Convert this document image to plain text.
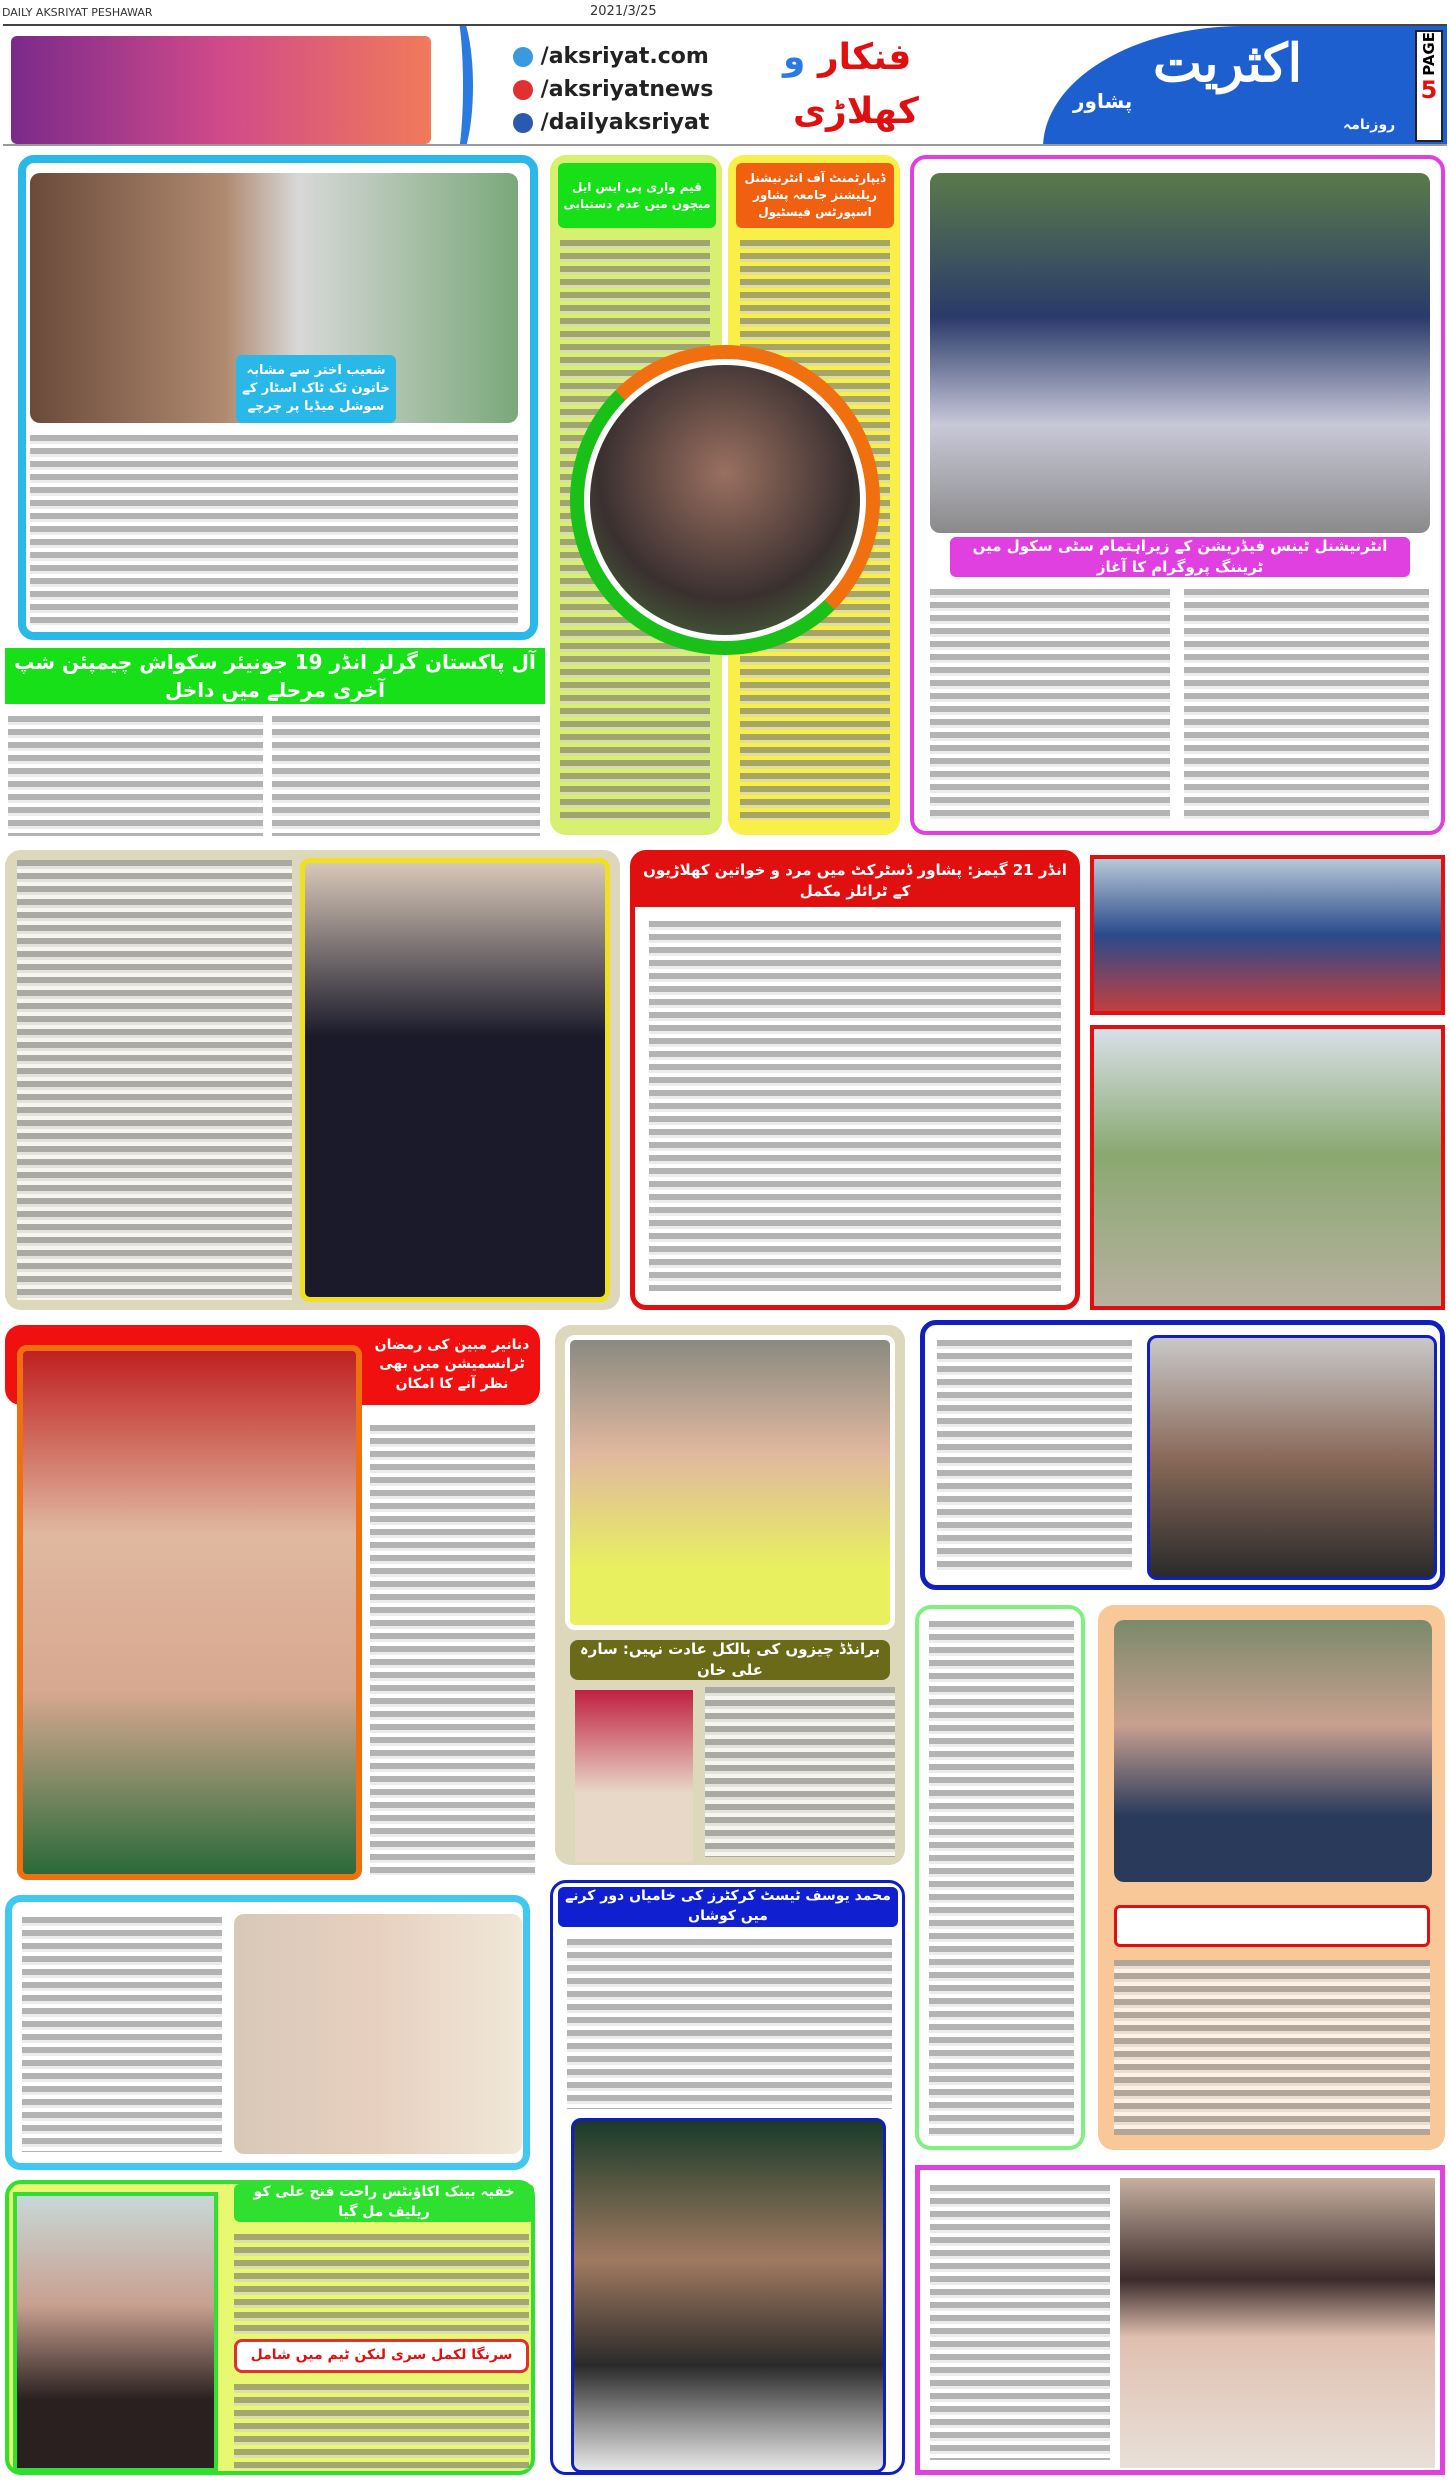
DAILY AKSRIYAT PESHAWAR	2021/3/25
PAGE
5
اکثریت
پشاور
روزنامہ
فنکار و
کھلاڑی
/aksriyat.com
/aksriyatnews
/dailyaksriyat
شعیب اختر سے مشابہ خاتون ٹک ٹاک اسٹار کے سوشل میڈیا پر چرچے
آل پاکستان گرلز انڈر 19 جونیئر سکواش چیمپئن شپ آخری مرحلے میں داخل
قیم واری پی ایس ایل میچوں میں عدم دستیابی
ڈیپارٹمنٹ آف انٹرنیشنل ریلیشنز جامعہ پشاور اسپورٹس فیسٹیول
انٹرنیشنل ٹینس فیڈریشن کے زیراہتمام سٹی سکول میں ٹریننگ پروگرام کا آغاز
انڈر 21 گیمز: پشاور ڈسٹرکٹ میں مرد و خواتین کھلاڑیوں کے ٹرائلز مکمل
دنانیر مبین کی رمضان ٹرانسمیشن میں بھی نظر آنے کا امکان
برانڈڈ چیزوں کی بالکل عادت نہیں: سارہ علی خان
محمد یوسف ٹیسٹ کرکٹرز کی خامیاں دور کرنے میں کوشاں
خفیہ بینک اکاؤنٹس راحت فتح علی کو ریلیف مل گیا
سرنگا لکمل سری لنکن ٹیم میں شامل
